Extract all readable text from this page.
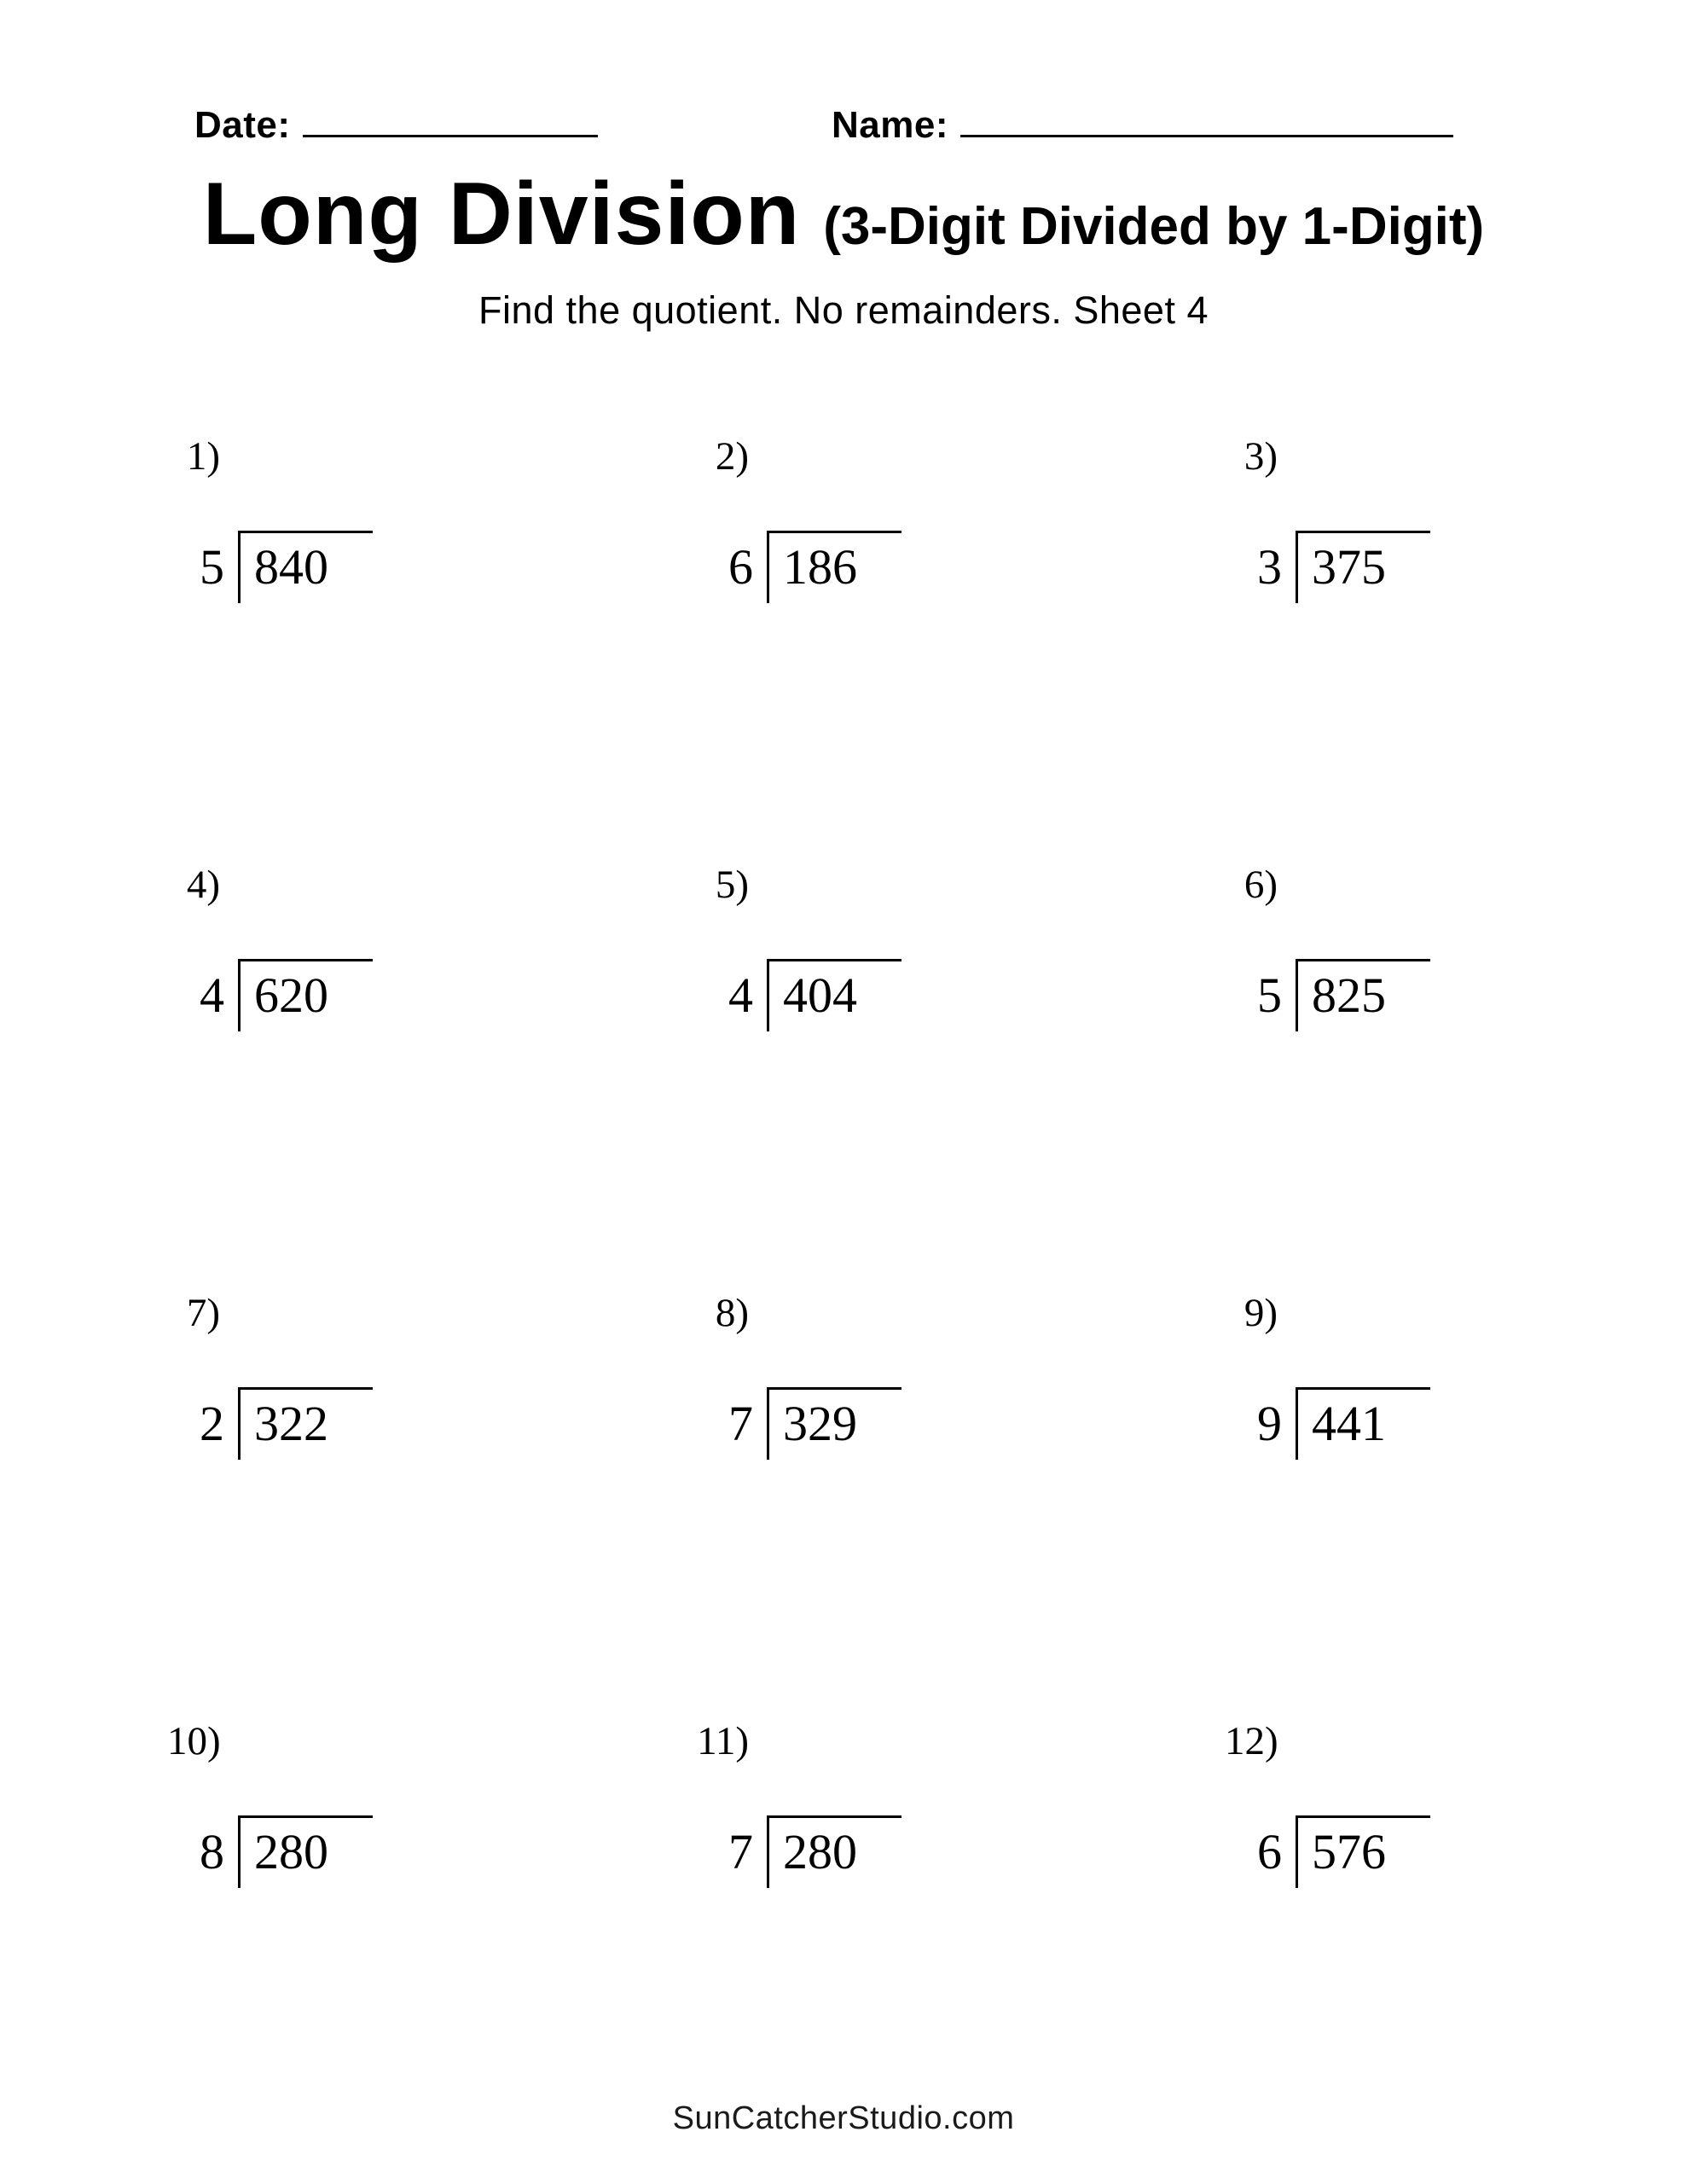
Date:	Name:
Long Division (3-Digit Divided by 1-Digit)
Find the quotient. No remainders. Sheet 4
1)
5 840
2)
6 186
3)
3 375
4)
4 620
5)
4 404
6)
5 825
7)
2 322
8)
7 329
9)
9 441
10)
8 280
11)
7 280
12)
6 576
SunCatcherStudio.com
